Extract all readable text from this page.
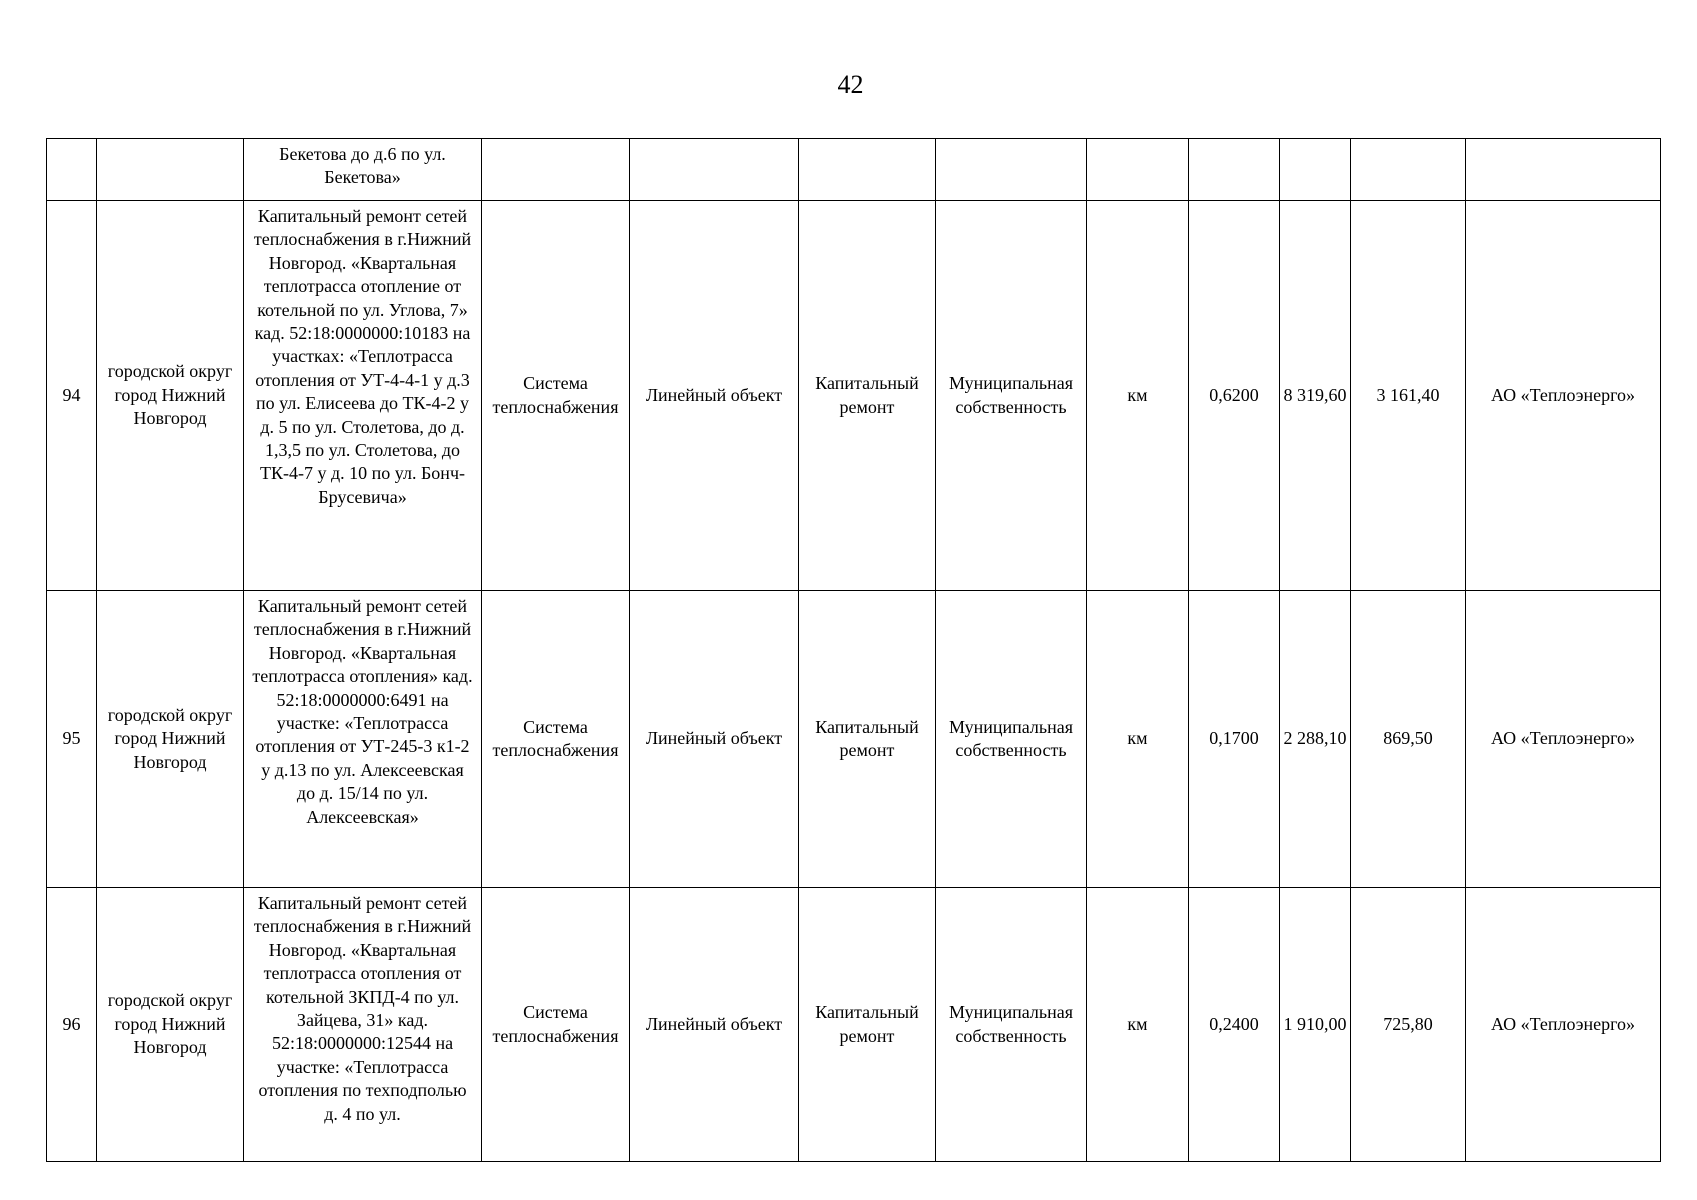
42
		Бекетова до д.6 по ул. Бекетова»									
94	городской округ город Нижний Новгород	Капитальный ремонт сетей теплоснабжения в г.Нижний Новгород. «Квартальная теплотрасса отопление от котельной по ул. Углова, 7» кад. 52:18:0000000:10183 на участках: «Теплотрасса отопления от УТ-4-4-1 у д.3 по ул. Елисеева до ТК-4-2 у д. 5 по ул. Столетова, до д. 1,3,5 по ул. Столетова, до ТК-4-7 у д. 10 по ул. Бонч-Брусевича»	Система теплоснабжения	Линейный объект	Капитальный ремонт	Муниципальная собственность	км	0,6200	8 319,60	3 161,40	АО «Теплоэнерго»
95	городской округ город Нижний Новгород	Капитальный ремонт сетей теплоснабжения в г.Нижний Новгород. «Квартальная теплотрасса отопления» кад. 52:18:0000000:6491 на участке: «Теплотрасса отопления от УТ-245-3 к1-2 у д.13 по ул. Алексеевская до д. 15/14 по ул. Алексеевская»	Система теплоснабжения	Линейный объект	Капитальный ремонт	Муниципальная собственность	км	0,1700	2 288,10	869,50	АО «Теплоэнерго»
96	городской округ город Нижний Новгород	Капитальный ремонт сетей теплоснабжения в г.Нижний Новгород. «Квартальная теплотрасса отопления от котельной ЗКПД-4 по ул. Зайцева, 31» кад. 52:18:0000000:12544 на участке: «Теплотрасса отопления по техподполью д. 4 по ул.	Система теплоснабжения	Линейный объект	Капитальный ремонт	Муниципальная собственность	км	0,2400	1 910,00	725,80	АО «Теплоэнерго»
